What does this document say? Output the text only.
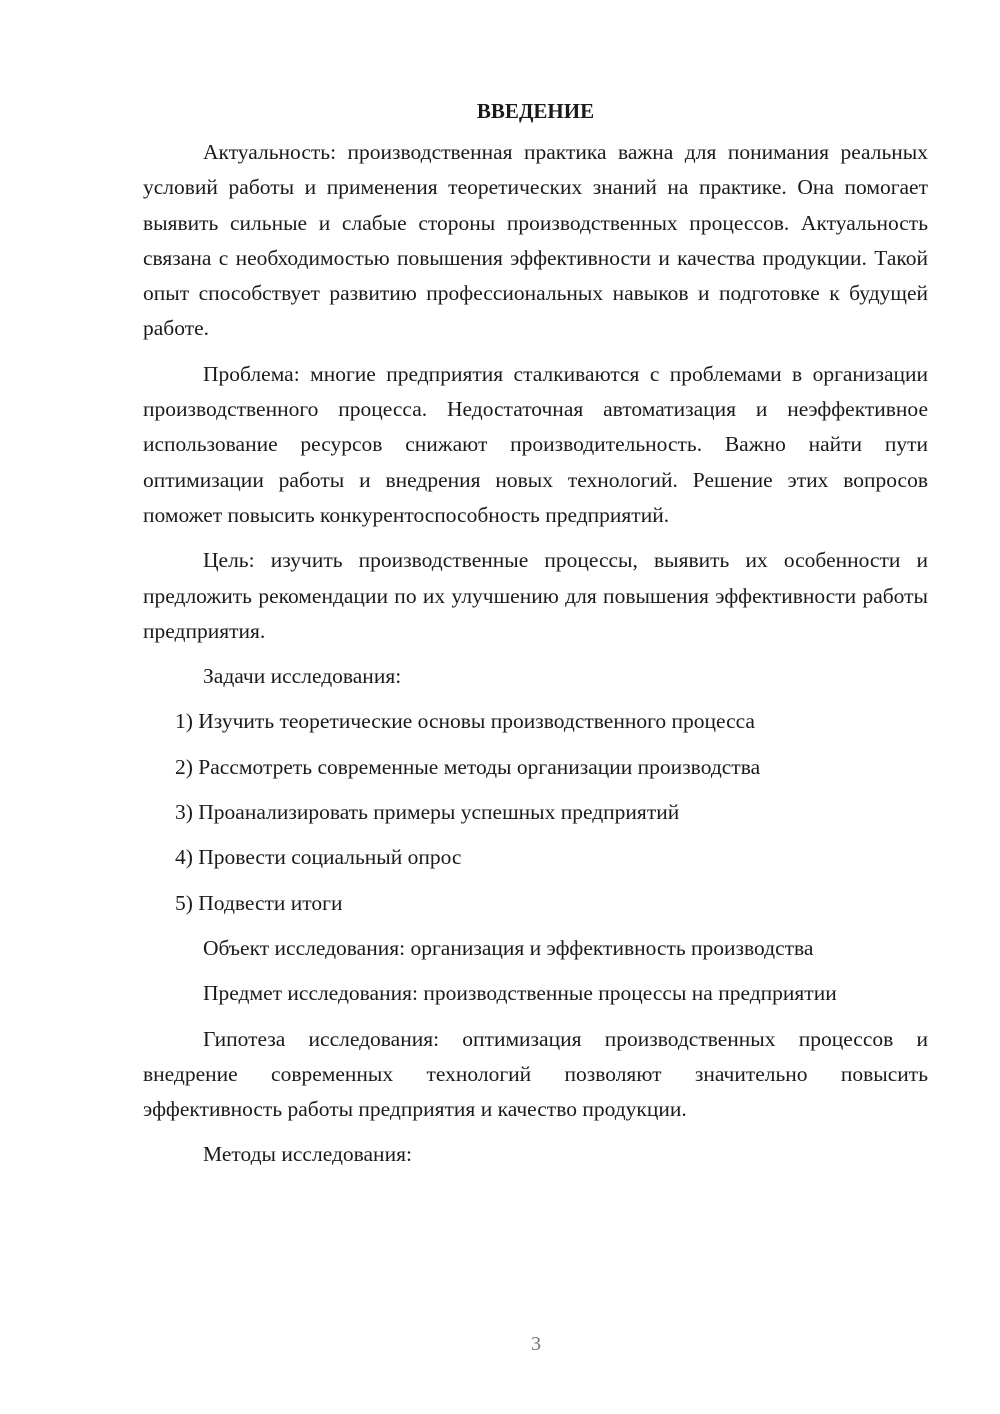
ВВЕДЕНИЕ

Актуальность: производственная практика важна для понимания реальных условий работы и применения теоретических знаний на практике. Она помогает выявить сильные и слабые стороны производственных процессов. Актуальность связана с необходимостью повышения эффективности и качества продукции. Такой опыт способствует развитию профессиональных навыков и подготовке к будущей работе.

Проблема: многие предприятия сталкиваются с проблемами в организации производственного процесса. Недостаточная автоматизация и неэффективное использование ресурсов снижают производительность. Важно найти пути оптимизации работы и внедрения новых технологий. Решение этих вопросов поможет повысить конкурентоспособность предприятий.

Цель: изучить производственные процессы, выявить их особенности и предложить рекомендации по их улучшению для повышения эффективности работы предприятия.

Задачи исследования:

1) Изучить теоретические основы производственного процесса
2) Рассмотреть современные методы организации производства
3) Проанализировать примеры успешных предприятий
4) Провести социальный опрос
5) Подвести итоги

Объект исследования: организация и эффективность производства

Предмет исследования: производственные процессы на предприятии

Гипотеза исследования: оптимизация производственных процессов и внедрение современных технологий позволяют значительно повысить эффективность работы предприятия и качество продукции.

Методы исследования:

3
